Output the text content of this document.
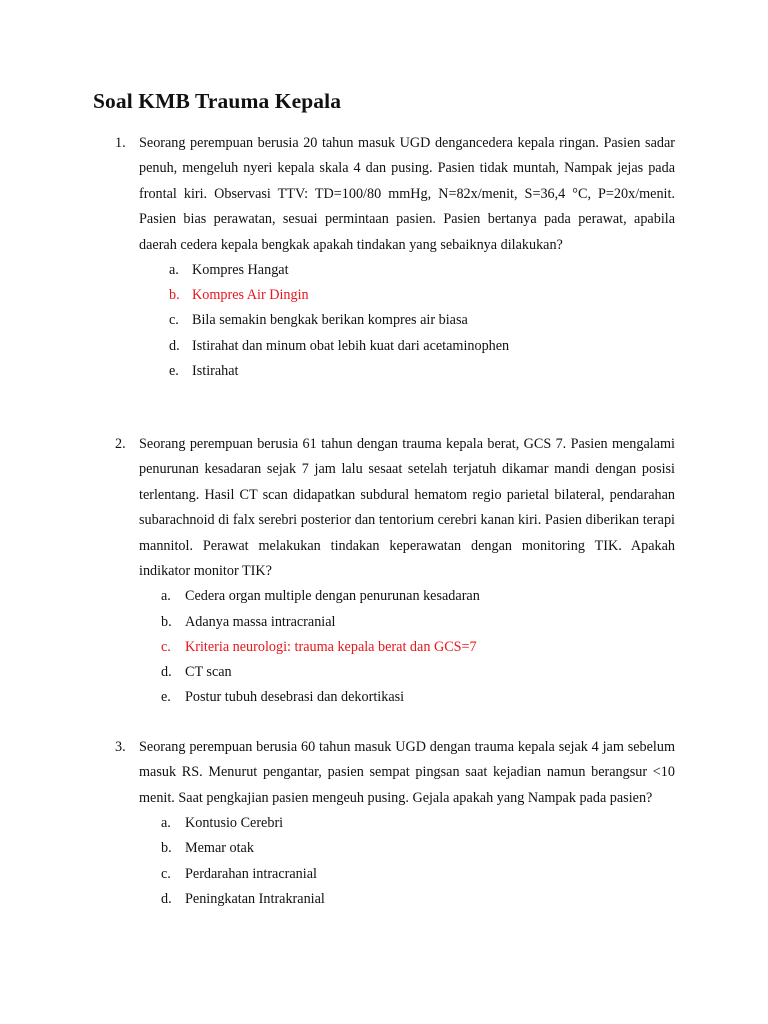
Soal KMB Trauma Kepala
1. Seorang perempuan berusia 20 tahun masuk UGD dengancedera kepala ringan. Pasien sadar penuh, mengeluh nyeri kepala skala 4 dan pusing. Pasien tidak muntah, Nampak jejas pada frontal kiri. Observasi TTV: TD=100/80 mmHg, N=82x/menit, S=36,4 °C, P=20x/menit. Pasien bias perawatan, sesuai permintaan pasien. Pasien bertanya pada perawat, apabila daerah cedera kepala bengkak apakah tindakan yang sebaiknya dilakukan?
a. Kompres Hangat
b. Kompres Air Dingin
c. Bila semakin bengkak berikan kompres air biasa
d. Istirahat dan minum obat lebih kuat dari acetaminophen
e. Istirahat
2. Seorang perempuan berusia 61 tahun dengan trauma kepala berat, GCS 7. Pasien mengalami penurunan kesadaran sejak 7 jam lalu sesaat setelah terjatuh dikamar mandi dengan posisi terlentang. Hasil CT scan didapatkan subdural hematom regio parietal bilateral, pendarahan subarachnoid di falx serebri posterior dan tentorium cerebri kanan kiri. Pasien diberikan terapi mannitol. Perawat melakukan tindakan keperawatan dengan monitoring TIK. Apakah indikator monitor TIK?
a. Cedera organ multiple dengan penurunan kesadaran
b. Adanya massa intracranial
c. Kriteria neurologi: trauma kepala berat dan GCS=7
d. CT scan
e. Postur tubuh desebrasi dan dekortikasi
3. Seorang perempuan berusia 60 tahun masuk UGD dengan trauma kepala sejak 4 jam sebelum masuk RS. Menurut pengantar, pasien sempat pingsan saat kejadian namun berangsur <10 menit. Saat pengkajian pasien mengeuh pusing. Gejala apakah yang Nampak pada pasien?
a. Kontusio Cerebri
b. Memar otak
c. Perdarahan intracranial
d. Peningkatan Intrakranial
